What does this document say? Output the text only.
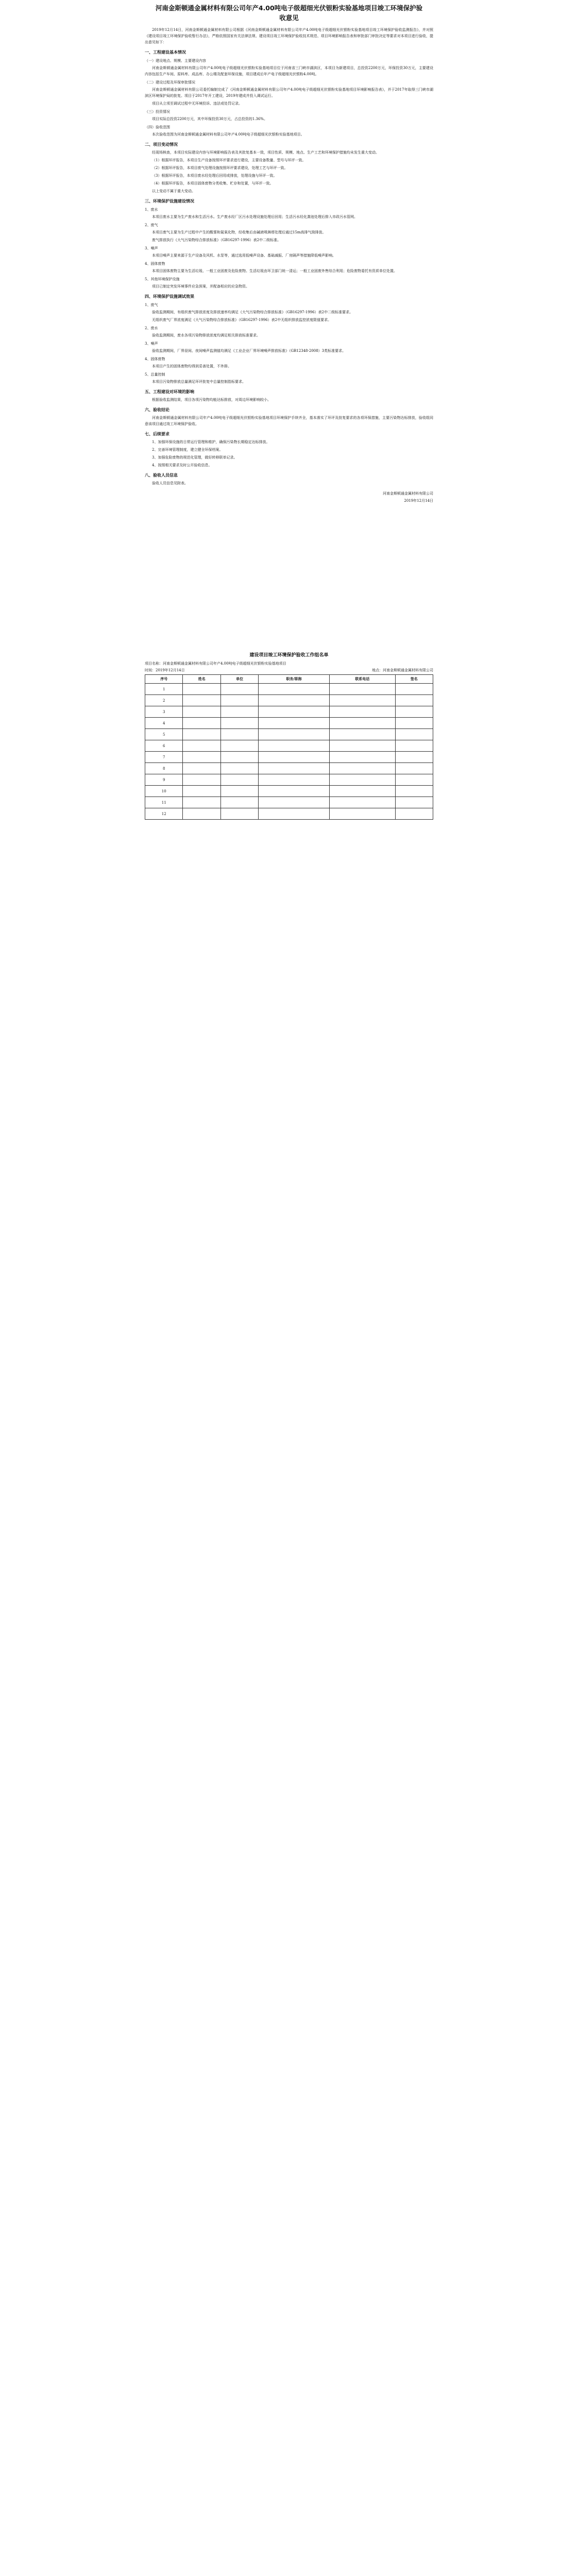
河南金斯顿通金属材料有限公司年产4.00吨电子级超细光伏银粉实验基地项目竣工环境保护验收意见

2019年12月14日，河南金斯顿通金属材料有限公司根据《河南金斯顿通金属材料有限公司年产4.00吨电子级超细光伏银粉实验基地项目竣工环境保护验收监测报告》，并对照《建设项目竣工环境保护验收暂行办法》，严格依照国家有关法律法规、建设项目竣工环境保护验收技术规范、项目环境影响报告表和审批部门审批决定等要求对本项目进行验收，提出意见如下：

一、工程建设基本情况
（一）建设地点、规模、主要建设内容

河南金斯顿通金属材料有限公司年产4.00吨电子级超细光伏银粉实验基地项目位于河南省三门峡市湖滨区，本项目为新建项目，总投资2200万元，环保投资30万元，主要建设内容包括生产车间、原料库、成品库、办公楼及配套环保设施，项目建成后年产电子级超细光伏银粉4.00吨。

（二）建设过程及环保审批情况

河南金斯顿通金属材料有限公司委托编制完成了《河南金斯顿通金属材料有限公司年产4.00吨电子级超细光伏银粉实验基地项目环境影响报告表》，并于2017年取得三门峡市湖滨区环境保护局的批复。项目于2017年开工建设，2019年建成并投入调试运行。

项目从立项至调试过程中无环境投诉、违法或处罚记录。

（三）投资情况

项目实际总投资2200万元，其中环保投资30万元，占总投资的1.36%。

（四）验收范围

本次验收范围为河南金斯顿通金属材料有限公司年产4.00吨电子级超细光伏银粉实验基地项目。

二、项目变动情况

经现场核查，本项目实际建设内容与环境影响报告表及其批复基本一致，项目性质、规模、地点、生产工艺和环境保护措施均未发生重大变动。

（1）根据环评报告，本项目生产设备按照环评要求进行建设，主要设备数量、型号与环评一致。

（2）根据环评报告，本项目废气处理设施按照环评要求建设，处理工艺与环评一致。

（3）根据环评报告，本项目废水经处理后回用或排放，处理设施与环评一致。

（4）根据环评报告，本项目固体废物分类收集、贮存和处置，与环评一致。

以上变动不属于重大变动。

三、环境保护设施建设情况
1、废水

本项目废水主要为生产废水和生活污水。生产废水经厂区污水处理设施处理后回用；生活污水经化粪池处理后排入市政污水管网。

2、废气

本项目废气主要为生产过程中产生的酸雾和氮氧化物，经收集后由碱液喷淋塔处理后通过15m高排气筒排放。

废气排放执行《大气污染物综合排放标准》（GB16297-1996）表2中二级标准。

3、噪声

本项目噪声主要来源于生产设备及风机、水泵等，通过选用低噪声设备、基础减振、厂房隔声等措施降低噪声影响。

4、固体废物

本项目固体废物主要为生活垃圾、一般工业固废及危险废物。生活垃圾由环卫部门统一清运；一般工业固废外售综合利用；危险废物委托有资质单位处置。

5、其他环境保护设施

项目已制定突发环境事件应急预案，并配备相应的应急物资。

四、环境保护设施调试效果
1、废气

验收监测期间，有组织废气排放浓度及排放速率均满足《大气污染物综合排放标准》（GB16297-1996）表2中二级标准要求。

无组织废气厂界浓度满足《大气污染物综合排放标准》（GB16297-1996）表2中无组织排放监控浓度限值要求。

2、废水

验收监测期间，废水各项污染物排放浓度均满足相关排放标准要求。

3、噪声

验收监测期间，厂界昼间、夜间噪声监测值均满足《工业企业厂界环境噪声排放标准》（GB12348-2008）3类标准要求。

4、固体废物

本项目产生的固体废物均得到妥善处置，不外排。

5、总量控制

本项目污染物排放总量满足环评批复中总量控制指标要求。

五、工程建设对环境的影响

根据验收监测结果，项目各项污染物均能达标排放，对周边环境影响较小。

六、验收结论

河南金斯顿通金属材料有限公司年产4.00吨电子级超细光伏银粉实验基地项目环境保护手续齐全，基本落实了环评及批复要求的各项环保措施，主要污染物达标排放，验收组同意该项目通过竣工环境保护验收。

七、后续要求

1、加强环保设施的日常运行管理和维护，确保污染物长期稳定达标排放。

2、完善环境管理制度，建立健全环保档案。

3、加强危险废物的规范化管理，做好转移联单记录。

4、按照相关要求及时公开验收信息。

八、验收人员信息

验收人员信息见附表。

河南金斯顿通金属材料有限公司
2019年12月14日
建设项目竣工环境保护验收工作组名单
项目名称：河南金斯顿通金属材料有限公司年产4.00吨电子级超细光伏银粉实验基地项目
时间：2019年12月14日	地点：河南金斯顿通金属材料有限公司
序号	姓名	单位	职务/职称	联系电话	签名
1					
2					
3					
4					
5					
6					
7					
8					
9					
10					
11					
12					
